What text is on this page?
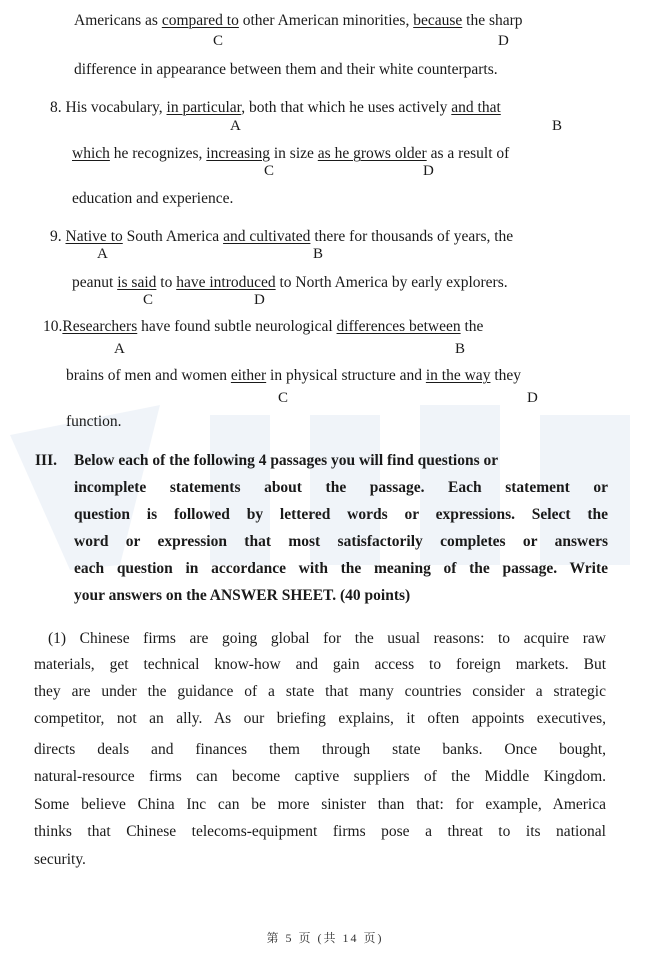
Americans as compared to other American minorities, because the sharp
C	D
difference in appearance between them and their white counterparts.
8. His vocabulary, in particular, both that which he uses actively and that
A	B
which he recognizes, increasing in size as he grows older as a result of
C	D
education and experience.
9. Native to South America and cultivated there for thousands of years, the
A	B
peanut is said to have introduced to North America by early explorers.
C	D
10.Researchers have found subtle neurological differences between the
A	B
brains of men and women either in physical structure and in the way they
C	D
function.
III. Below each of the following 4 passages you will find questions or
incomplete statements about the passage. Each statement or
question is followed by lettered words or expressions. Select the
word or expression that most satisfactorily completes or answers
each question in accordance with the meaning of the passage. Write
your answers on the ANSWER SHEET. (40 points)
(1) Chinese firms are going global for the usual reasons: to acquire raw
materials, get technical know-how and gain access to foreign markets. But
they are under the guidance of a state that many countries consider a strategic
competitor, not an ally. As our briefing explains, it often appoints executives,
directs deals and finances them through state banks. Once bought,
natural-resource firms can become captive suppliers of the Middle Kingdom.
Some believe China Inc can be more sinister than that: for example, America
thinks that Chinese telecoms-equipment firms pose a threat to its national
security.
第 5 页 (共 14 页)
